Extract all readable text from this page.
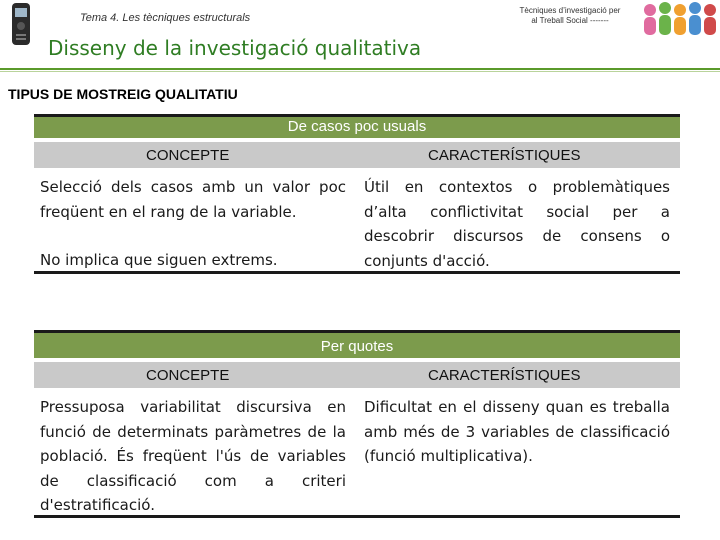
Tema 4. Les tècniques estructurals
Tècniques d’investigació per
al Treball Social -------
Disseny de la investigació qualitativa
TIPUS DE MOSTREIG QUALITATIU
De casos poc usuals
CONCEPTE	CARACTERÍSTIQUES
Selecció dels casos amb un valor poc freqüent en el rang de la variable.
No implica que siguen extrems.
Útil en contextos o problemàtiques d’alta conflictivitat social per a descobrir discursos de consens o conjunts d'acció.
Per quotes
CONCEPTE	CARACTERÍSTIQUES
Pressuposa variabilitat discursiva en funció de determinats paràmetres de la població. És freqüent l'ús de variables de classificació com a criteri d'estratificació.
Dificultat en el disseny quan es treballa amb més de 3 variables de classificació (funció multiplicativa).
